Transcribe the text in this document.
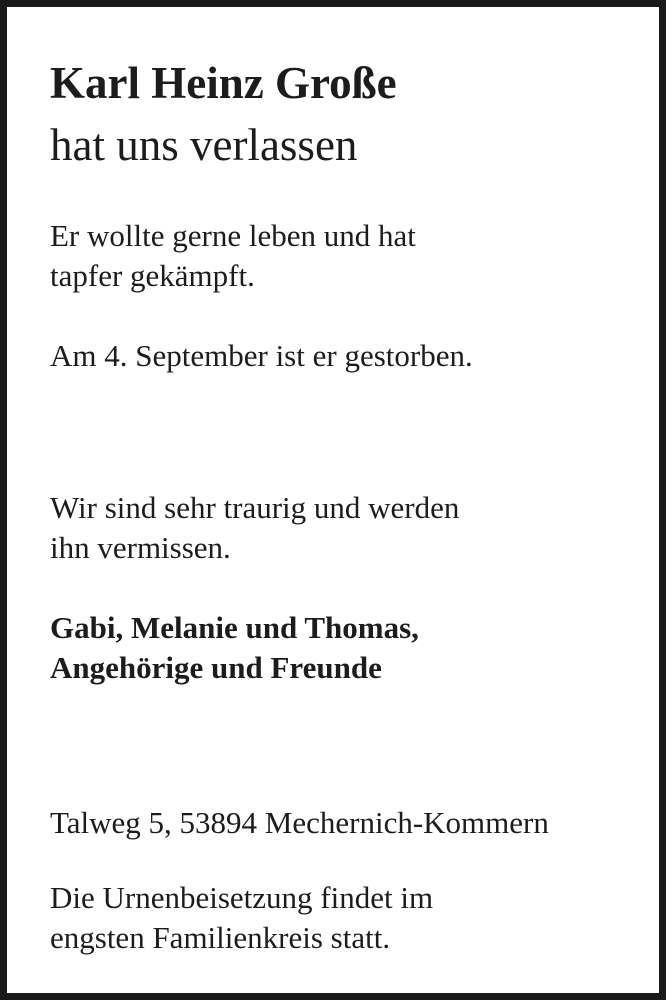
Karl Heinz Große
hat uns verlassen

Er wollte gerne leben und hat
tapfer gekämpft.

Am 4. September ist er gestorben.

Wir sind sehr traurig und werden
ihn vermissen.

Gabi, Melanie und Thomas,
Angehörige und Freunde

Talweg 5, 53894 Mechernich-Kommern

Die Urnenbeisetzung findet im
engsten Familienkreis statt.
